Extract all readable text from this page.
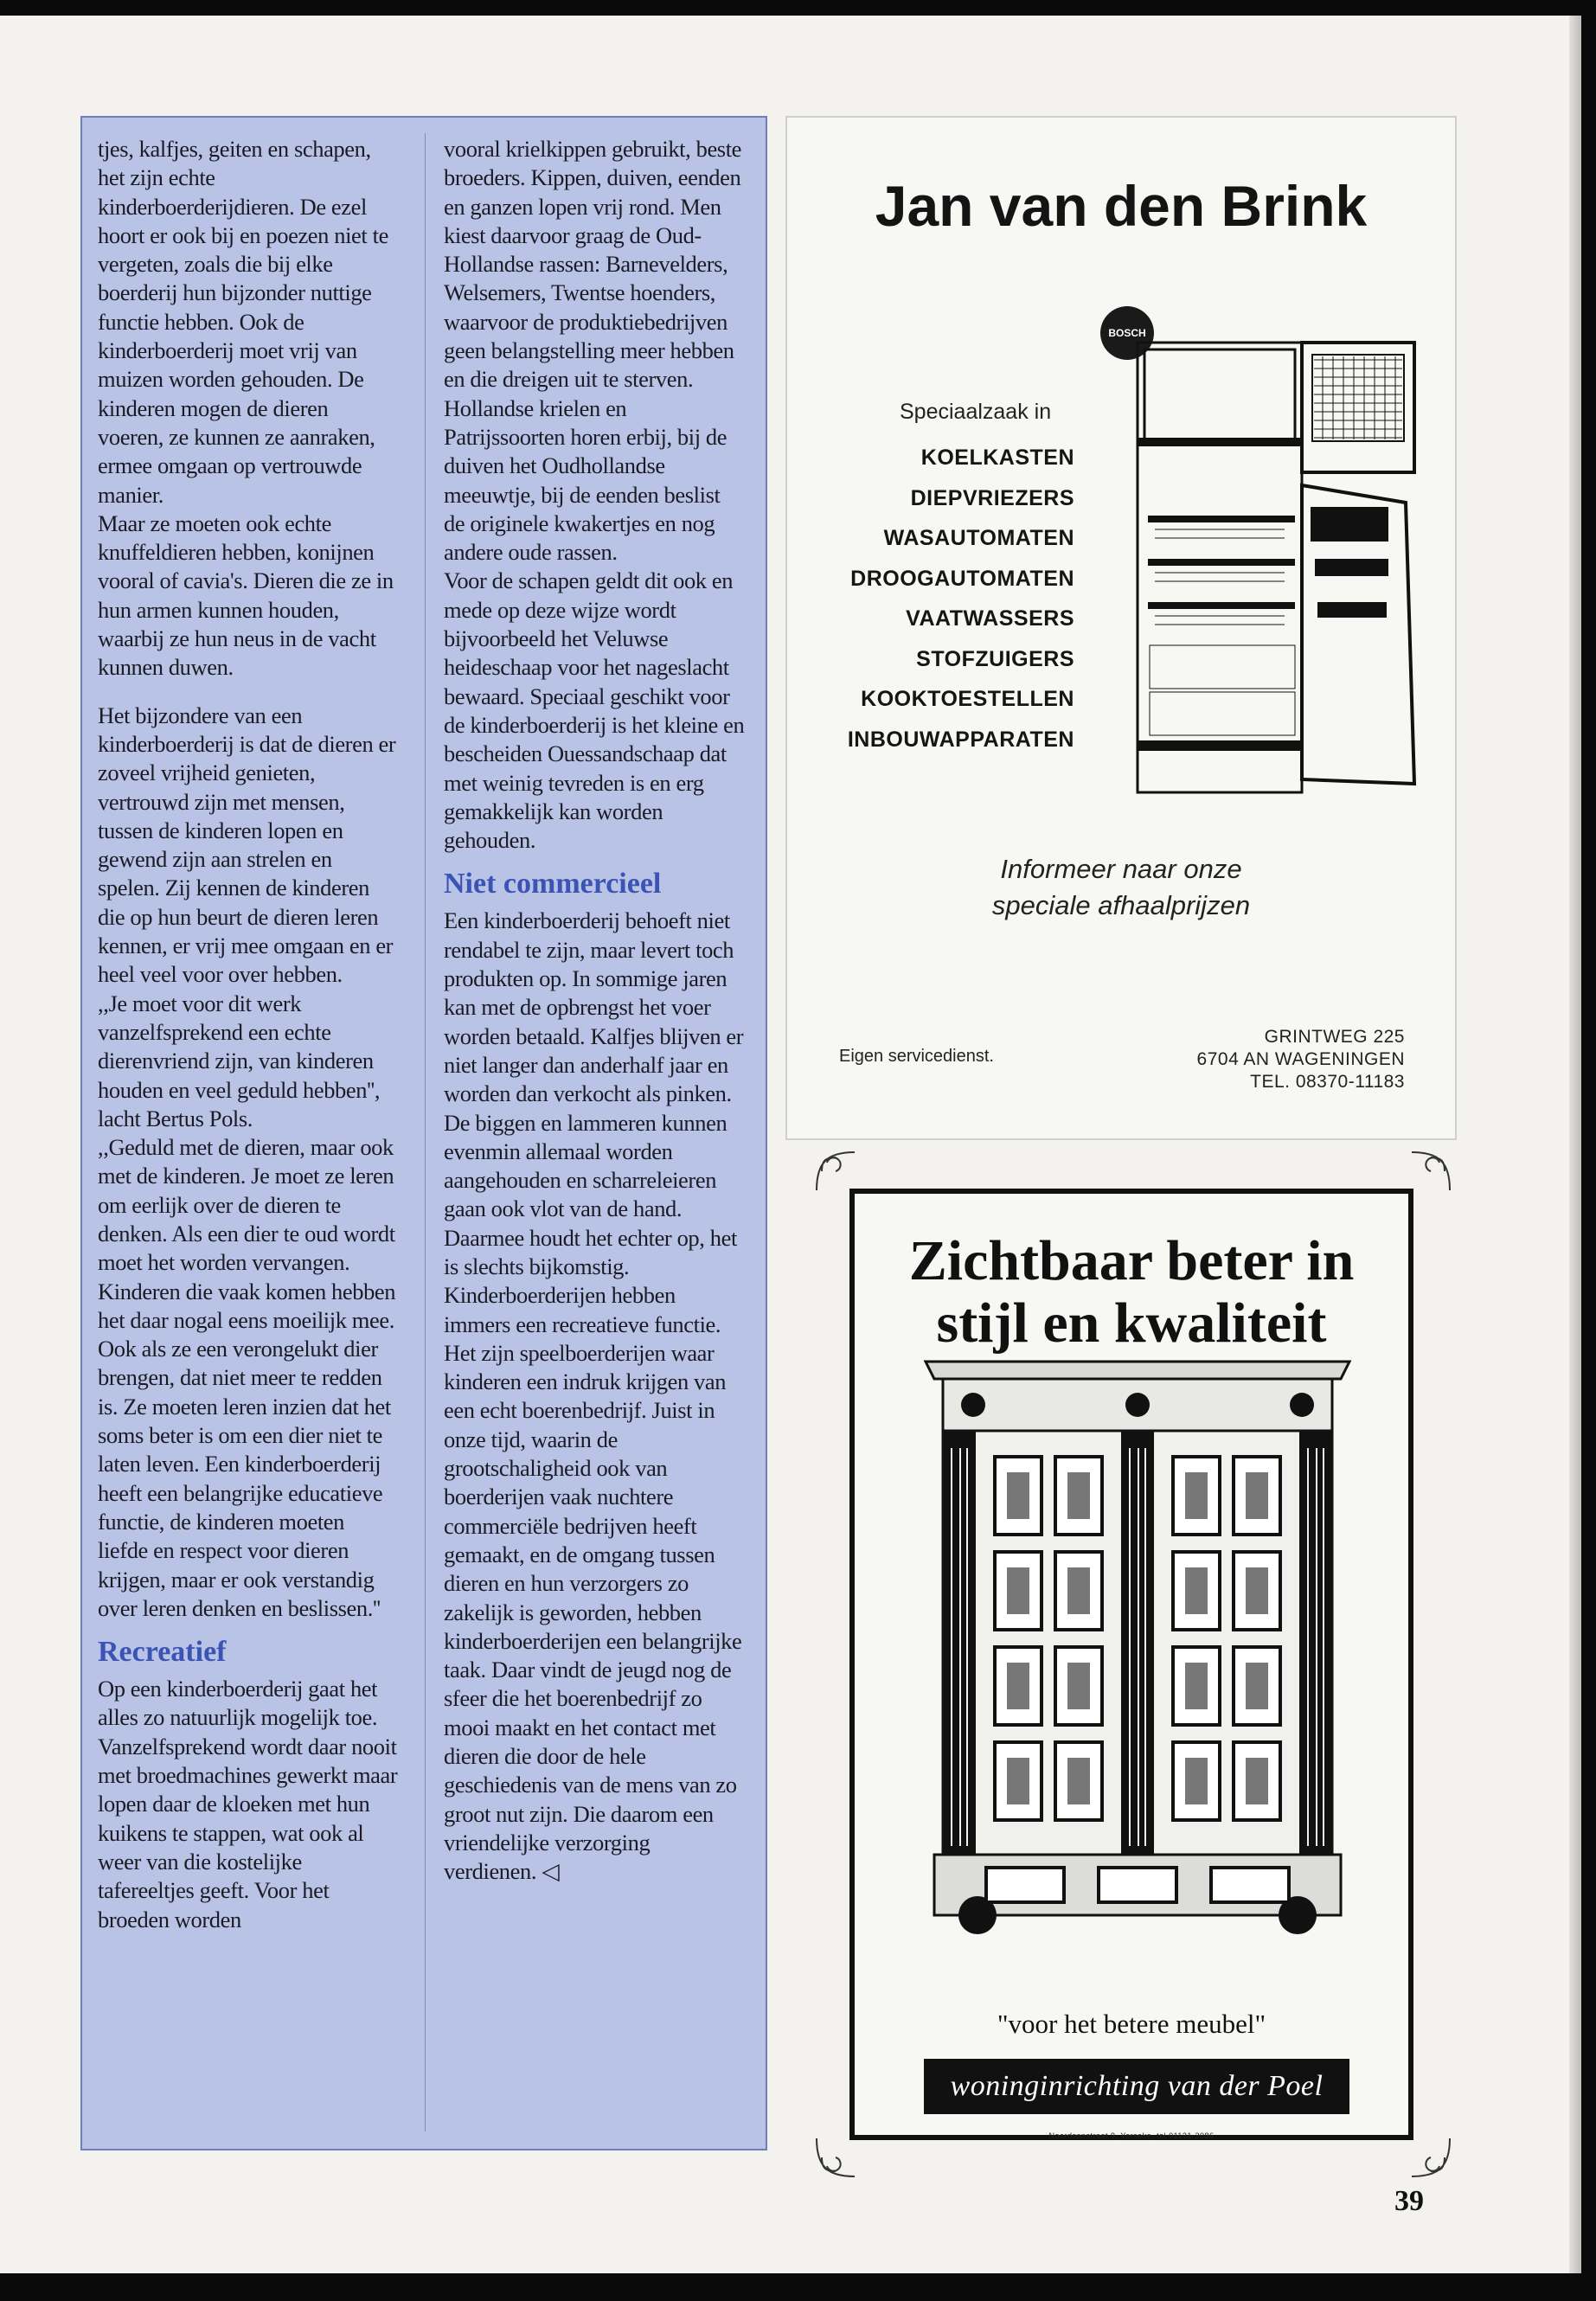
tjes, kalfjes, geiten en schapen, het zijn echte kinderboerderijdieren. De ezel hoort er ook bij en poezen niet te vergeten, zoals die bij elke boerderij hun bijzonder nuttige functie hebben. Ook de kinderboerderij moet vrij van muizen worden gehouden. De kinderen mogen de dieren voeren, ze kunnen ze aanraken, ermee omgaan op vertrouwde manier.

Maar ze moeten ook echte knuffeldieren hebben, konijnen vooral of cavia's. Dieren die ze in hun armen kunnen houden, waarbij ze hun neus in de vacht kunnen duwen.

Het bijzondere van een kinderboerderij is dat de dieren er zoveel vrijheid genieten, vertrouwd zijn met mensen, tussen de kinderen lopen en gewend zijn aan strelen en spelen. Zij kennen de kinderen die op hun beurt de dieren leren kennen, er vrij mee omgaan en er heel veel voor over hebben.

,,Je moet voor dit werk vanzelfsprekend een echte dierenvriend zijn, van kinderen houden en veel geduld hebben'', lacht Bertus Pols.

,,Geduld met de dieren, maar ook met de kinderen. Je moet ze leren om eerlijk over de dieren te denken. Als een dier te oud wordt moet het worden vervangen. Kinderen die vaak komen hebben het daar nogal eens moeilijk mee. Ook als ze een verongelukt dier brengen, dat niet meer te redden is. Ze moeten leren inzien dat het soms beter is om een dier niet te laten leven. Een kinderboerderij heeft een belangrijke educatieve functie, de kinderen moeten liefde en respect voor dieren krijgen, maar er ook verstandig over leren denken en beslissen.''

Recreatief

Op een kinderboerderij gaat het alles zo natuurlijk mogelijk toe. Vanzelfsprekend wordt daar nooit met broedmachines gewerkt maar lopen daar de kloeken met hun kuikens te stappen, wat ook al weer van die kostelijke tafereeltjes geeft. Voor het broeden worden

vooral krielkippen gebruikt, beste broeders. Kippen, duiven, eenden en ganzen lopen vrij rond. Men kiest daarvoor graag de Oud-Hollandse rassen: Barnevelders, Welsemers, Twentse hoenders, waarvoor de produktiebedrijven geen belangstelling meer hebben en die dreigen uit te sterven. Hollandse krielen en Patrijssoorten horen erbij, bij de duiven het Oudhollandse meeuwtje, bij de eenden beslist de originele kwakertjes en nog andere oude rassen.

Voor de schapen geldt dit ook en mede op deze wijze wordt bijvoorbeeld het Veluwse heideschaap voor het nageslacht bewaard. Speciaal geschikt voor de kinderboerderij is het kleine en bescheiden Ouessandschaap dat met weinig tevreden is en erg gemakkelijk kan worden gehouden.

Niet commercieel

Een kinderboerderij behoeft niet rendabel te zijn, maar levert toch produkten op. In sommige jaren kan met de opbrengst het voer worden betaald. Kalfjes blijven er niet langer dan anderhalf jaar en worden dan verkocht als pinken. De biggen en lammeren kunnen evenmin allemaal worden aangehouden en scharreleieren gaan ook vlot van de hand. Daarmee houdt het echter op, het is slechts bijkomstig. Kinderboerderijen hebben immers een recreatieve functie.

Het zijn speelboerderijen waar kinderen een indruk krijgen van een echt boerenbedrijf. Juist in onze tijd, waarin de grootschaligheid ook van boerderijen vaak nuchtere commerciële bedrijven heeft gemaakt, en de omgang tussen dieren en hun verzorgers zo zakelijk is geworden, hebben kinderboerderijen een belangrijke taak. Daar vindt de jeugd nog de sfeer die het boerenbedrijf zo mooi maakt en het contact met dieren die door de hele geschiedenis van de mens van zo groot nut zijn. Die daarom een vriendelijke verzorging verdienen. ◁

Jan van den Brink
BOSCH
Speciaalzaak in
KOELKASTEN
DIEPVRIEZERS
WASAUTOMATEN
DROOGAUTOMATEN
VAATWASSERS
STOFZUIGERS
KOOKTOESTELLEN
INBOUWAPPARATEN
Informeer naar onze
speciale afhaalprijzen
Eigen servicedienst.
GRINTWEG 225
6704 AN WAGENINGEN
TEL. 08370-11183
Zichtbaar beter in
stijl en kwaliteit
"voor het betere meubel"
woninginrichting van der Poel
Noordsanstraat 9, Yerseke, tel 01131-2086
39
